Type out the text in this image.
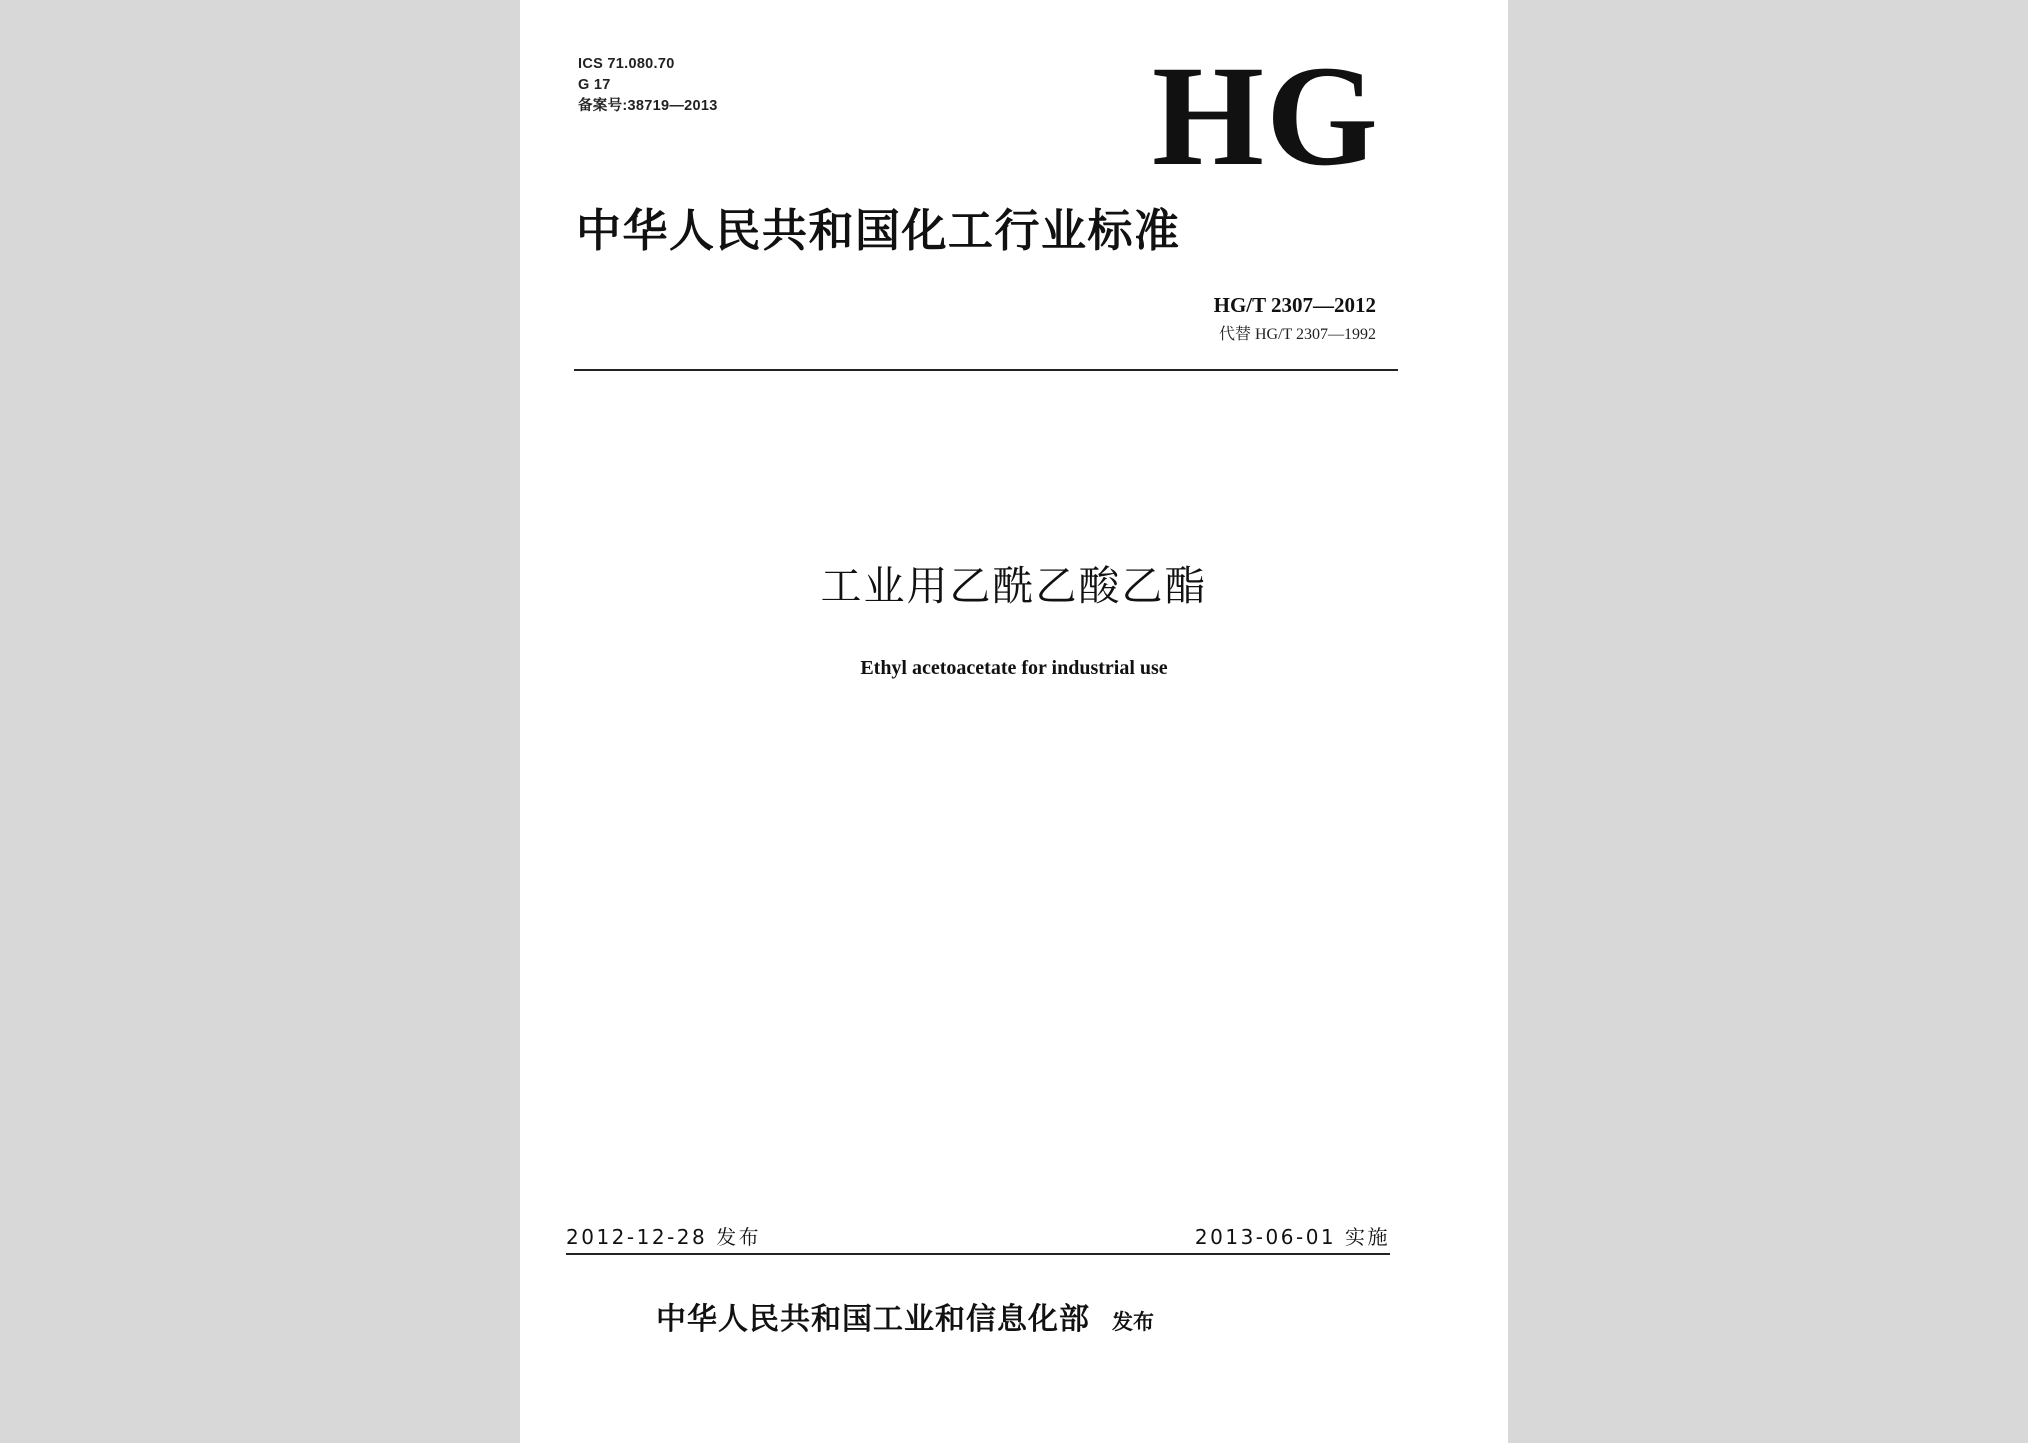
ICS 71.080.70
G 17
备案号:38719—2013	HG
中华人民共和国化工行业标准
HG/T 2307—2012
代替 HG/T 2307—1992
工业用乙酰乙酸乙酯
Ethyl acetoacetate for industrial use
2012-12-28 发布	2013-06-01 实施
中华人民共和国工业和信息化部 发布
